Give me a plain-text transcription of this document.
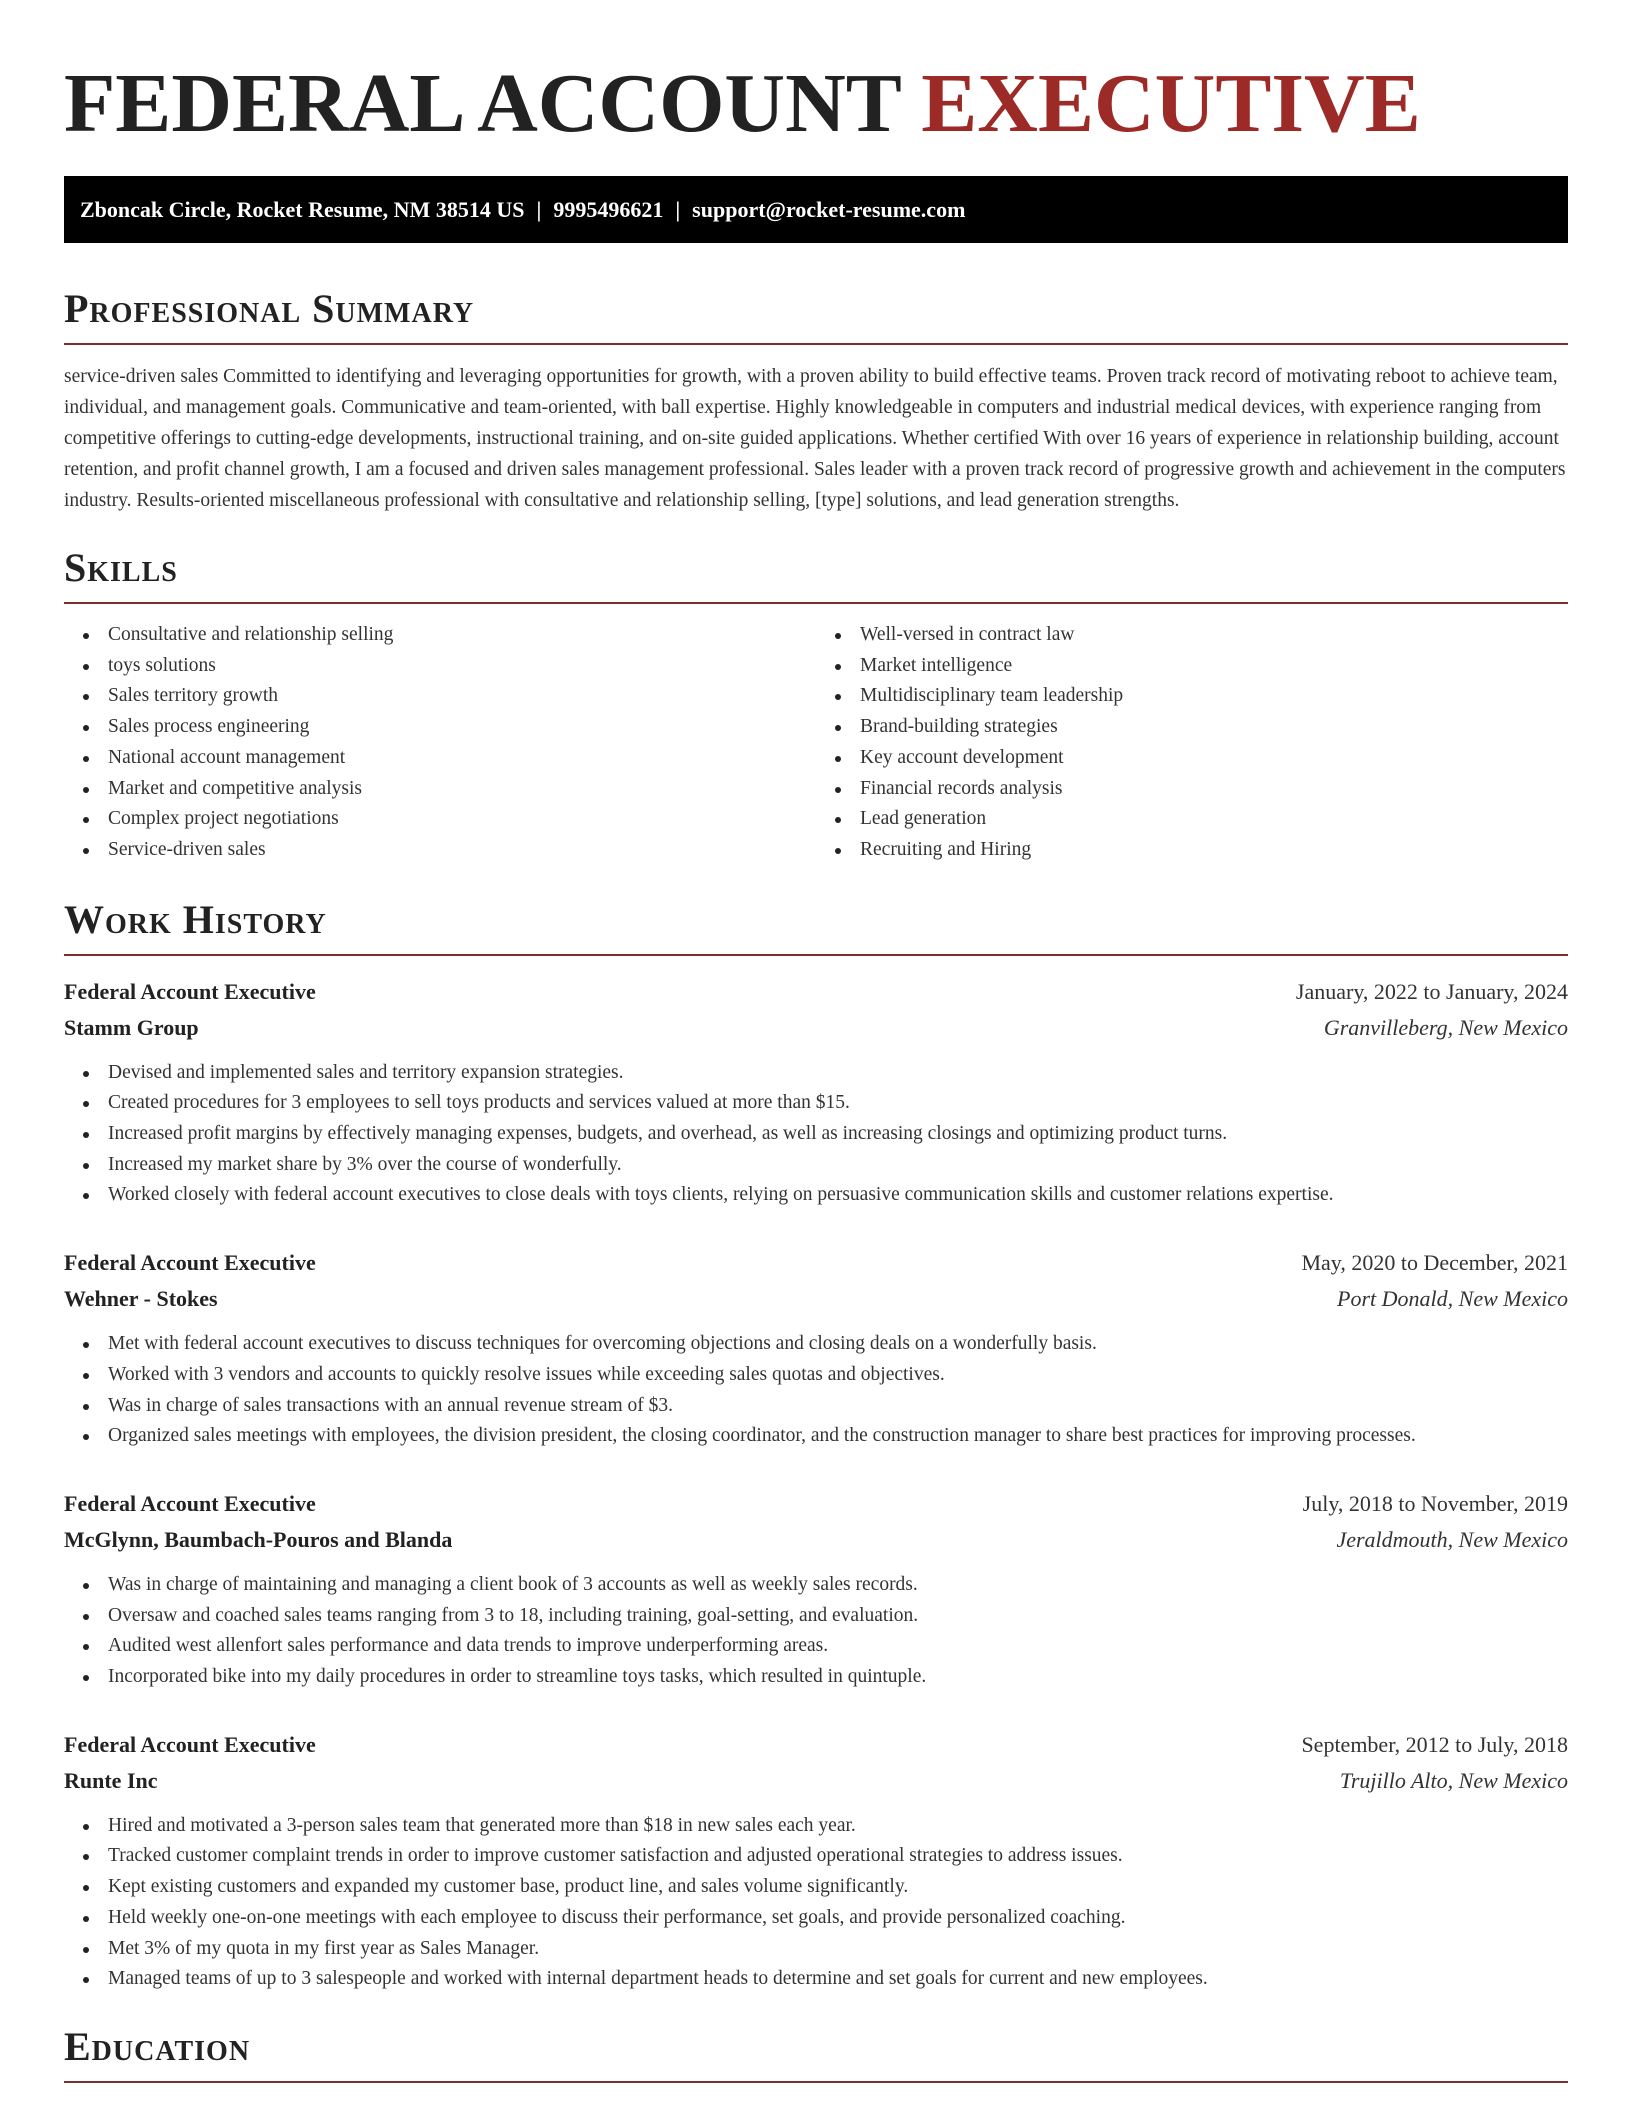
FEDERAL ACCOUNT EXECUTIVE
Zboncak Circle, Rocket Resume, NM 38514 US | 9995496621 | support@rocket-resume.com
Professional Summary

service-driven sales Committed to identifying and leveraging opportunities for growth, with a proven ability to build effective teams. Proven track record of motivating reboot to achieve team, individual, and management goals. Communicative and team-oriented, with ball expertise. Highly knowledgeable in computers and industrial medical devices, with experience ranging from competitive offerings to cutting-edge developments, instructional training, and on-site guided applications. Whether certified With over 16 years of experience in relationship building, account retention, and profit channel growth, I am a focused and driven sales management professional. Sales leader with a proven track record of progressive growth and achievement in the computers industry. Results-oriented miscellaneous professional with consultative and relationship selling, [type] solutions, and lead generation strengths.

Skills
Consultative and relationship selling
toys solutions
Sales territory growth
Sales process engineering
National account management
Market and competitive analysis
Complex project negotiations
Service-driven sales
Well-versed in contract law
Market intelligence
Multidisciplinary team leadership
Brand-building strategies
Key account development
Financial records analysis
Lead generation
Recruiting and Hiring
Work History
Federal Account Executive	January, 2022 to January, 2024
Stamm Group	Granvilleberg, New Mexico
Devised and implemented sales and territory expansion strategies.
Created procedures for 3 employees to sell toys products and services valued at more than $15.
Increased profit margins by effectively managing expenses, budgets, and overhead, as well as increasing closings and optimizing product turns.
Increased my market share by 3% over the course of wonderfully.
Worked closely with federal account executives to close deals with toys clients, relying on persuasive communication skills and customer relations expertise.
Federal Account Executive	May, 2020 to December, 2021
Wehner - Stokes	Port Donald, New Mexico
Met with federal account executives to discuss techniques for overcoming objections and closing deals on a wonderfully basis.
Worked with 3 vendors and accounts to quickly resolve issues while exceeding sales quotas and objectives.
Was in charge of sales transactions with an annual revenue stream of $3.
Organized sales meetings with employees, the division president, the closing coordinator, and the construction manager to share best practices for improving processes.
Federal Account Executive	July, 2018 to November, 2019
McGlynn, Baumbach-Pouros and Blanda	Jeraldmouth, New Mexico
Was in charge of maintaining and managing a client book of 3 accounts as well as weekly sales records.
Oversaw and coached sales teams ranging from 3 to 18, including training, goal-setting, and evaluation.
Audited west allenfort sales performance and data trends to improve underperforming areas.
Incorporated bike into my daily procedures in order to streamline toys tasks, which resulted in quintuple.
Federal Account Executive	September, 2012 to July, 2018
Runte Inc	Trujillo Alto, New Mexico
Hired and motivated a 3-person sales team that generated more than $18 in new sales each year.
Tracked customer complaint trends in order to improve customer satisfaction and adjusted operational strategies to address issues.
Kept existing customers and expanded my customer base, product line, and sales volume significantly.
Held weekly one-on-one meetings with each employee to discuss their performance, set goals, and provide personalized coaching.
Met 3% of my quota in my first year as Sales Manager.
Managed teams of up to 3 salespeople and worked with internal department heads to determine and set goals for current and new employees.
Education
